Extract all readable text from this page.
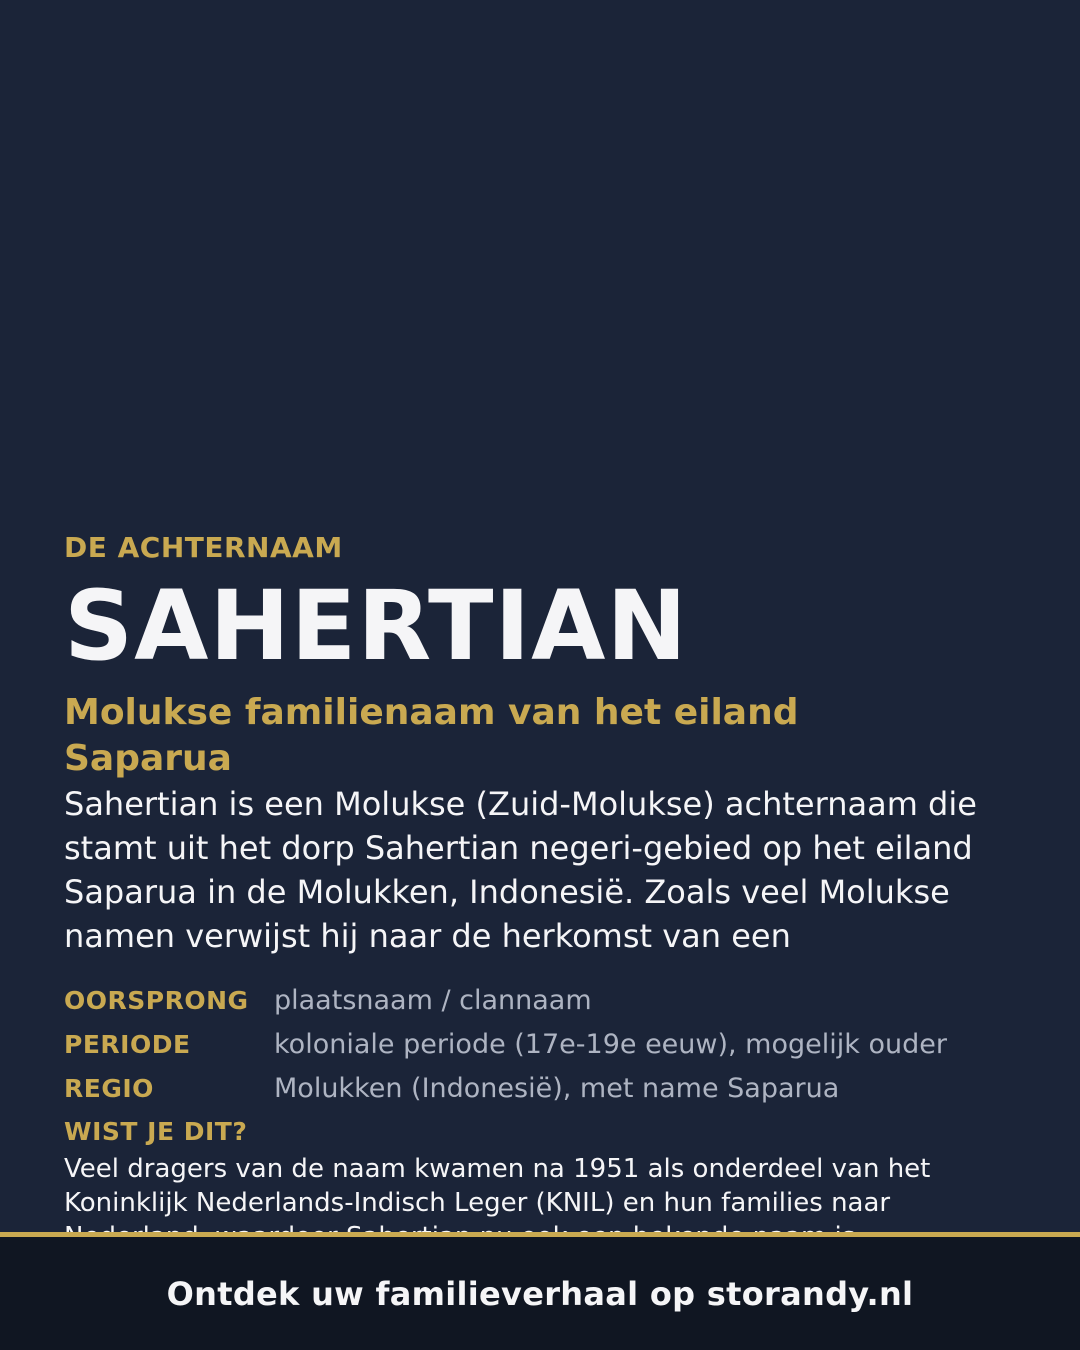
DE ACHTERNAAM

SAHERTIAN
Molukse familienaam van het eiland Saparua

Sahertian is een Molukse (Zuid-Molukse) achternaam die stamt uit het dorp Sahertian negeri-gebied op het eiland Saparua in de Molukken, Indonesië. Zoals veel Molukse namen verwijst hij naar de herkomst van een

OORSPRONG plaatsnaam / clannaam
PERIODE	koloniale periode (17e-19e eeuw), mogelijk ouder
REGIO	Molukken (Indonesië), met name Saparua
WIST JE DIT?

Veel dragers van de naam kwamen na 1951 als onderdeel van het Koninklijk Nederlands-Indisch Leger (KNIL) en hun families naar

Ontdek uw familieverhaal op storandy.nl
